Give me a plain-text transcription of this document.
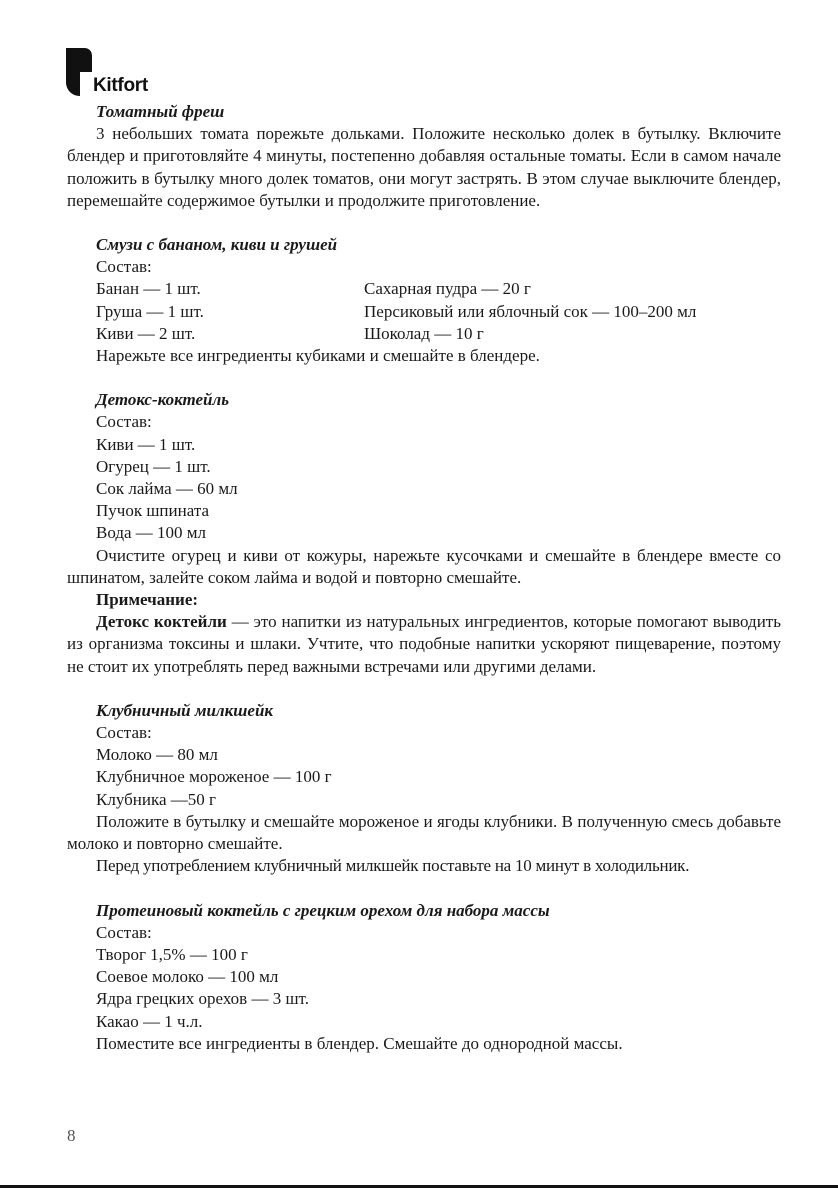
Kitfort

Томатный фреш

3 небольших томата порежьте дольками. Положите несколько долек в бутылку. Включите блендер и приготовляйте 4 минуты, постепенно добавляя остальные томаты. Если в самом начале положить в бутылку много долек томатов, они могут застрять. В этом случае выключите блендер, перемешайте содержимое бутылки и продолжите приготовление.

Смузи с бананом, киви и грушей

Состав:

Банан — 1 шт.	Сахарная пудра — 20 г
Груша — 1 шт.	Персиковый или яблочный сок — 100–200 мл
Киви — 2 шт.	Шоколад — 10 г

Нарежьте все ингредиенты кубиками и смешайте в блендере.

Детокс-коктейль

Состав:

Киви — 1 шт.

Огурец — 1 шт.

Сок лайма — 60 мл

Пучок шпината

Вода — 100 мл

Очистите огурец и киви от кожуры, нарежьте кусочками и смешайте в блендере вместе со шпинатом, залейте соком лайма и водой и повторно смешайте.

Примечание:

Детокс коктейли — это напитки из натуральных ингредиентов, которые помогают выводить из организма токсины и шлаки. Учтите, что подобные напитки ускоряют пищеварение, поэтому не стоит их употреблять перед важными встречами или другими делами.

Клубничный милкшейк

Состав:

Молоко — 80 мл

Клубничное мороженое — 100 г

Клубника —50 г

Положите в бутылку и смешайте мороженое и ягоды клубники. В полученную смесь добавьте молоко и повторно смешайте.

Перед употреблением клубничный милкшейк поставьте на 10 минут в холодильник.

Протеиновый коктейль с грецким орехом для набора массы

Состав:

Творог 1,5% — 100 г

Соевое молоко — 100 мл

Ядра грецких орехов — 3 шт.

Какао — 1 ч.л.

Поместите все ингредиенты в блендер. Смешайте до однородной массы.

8
